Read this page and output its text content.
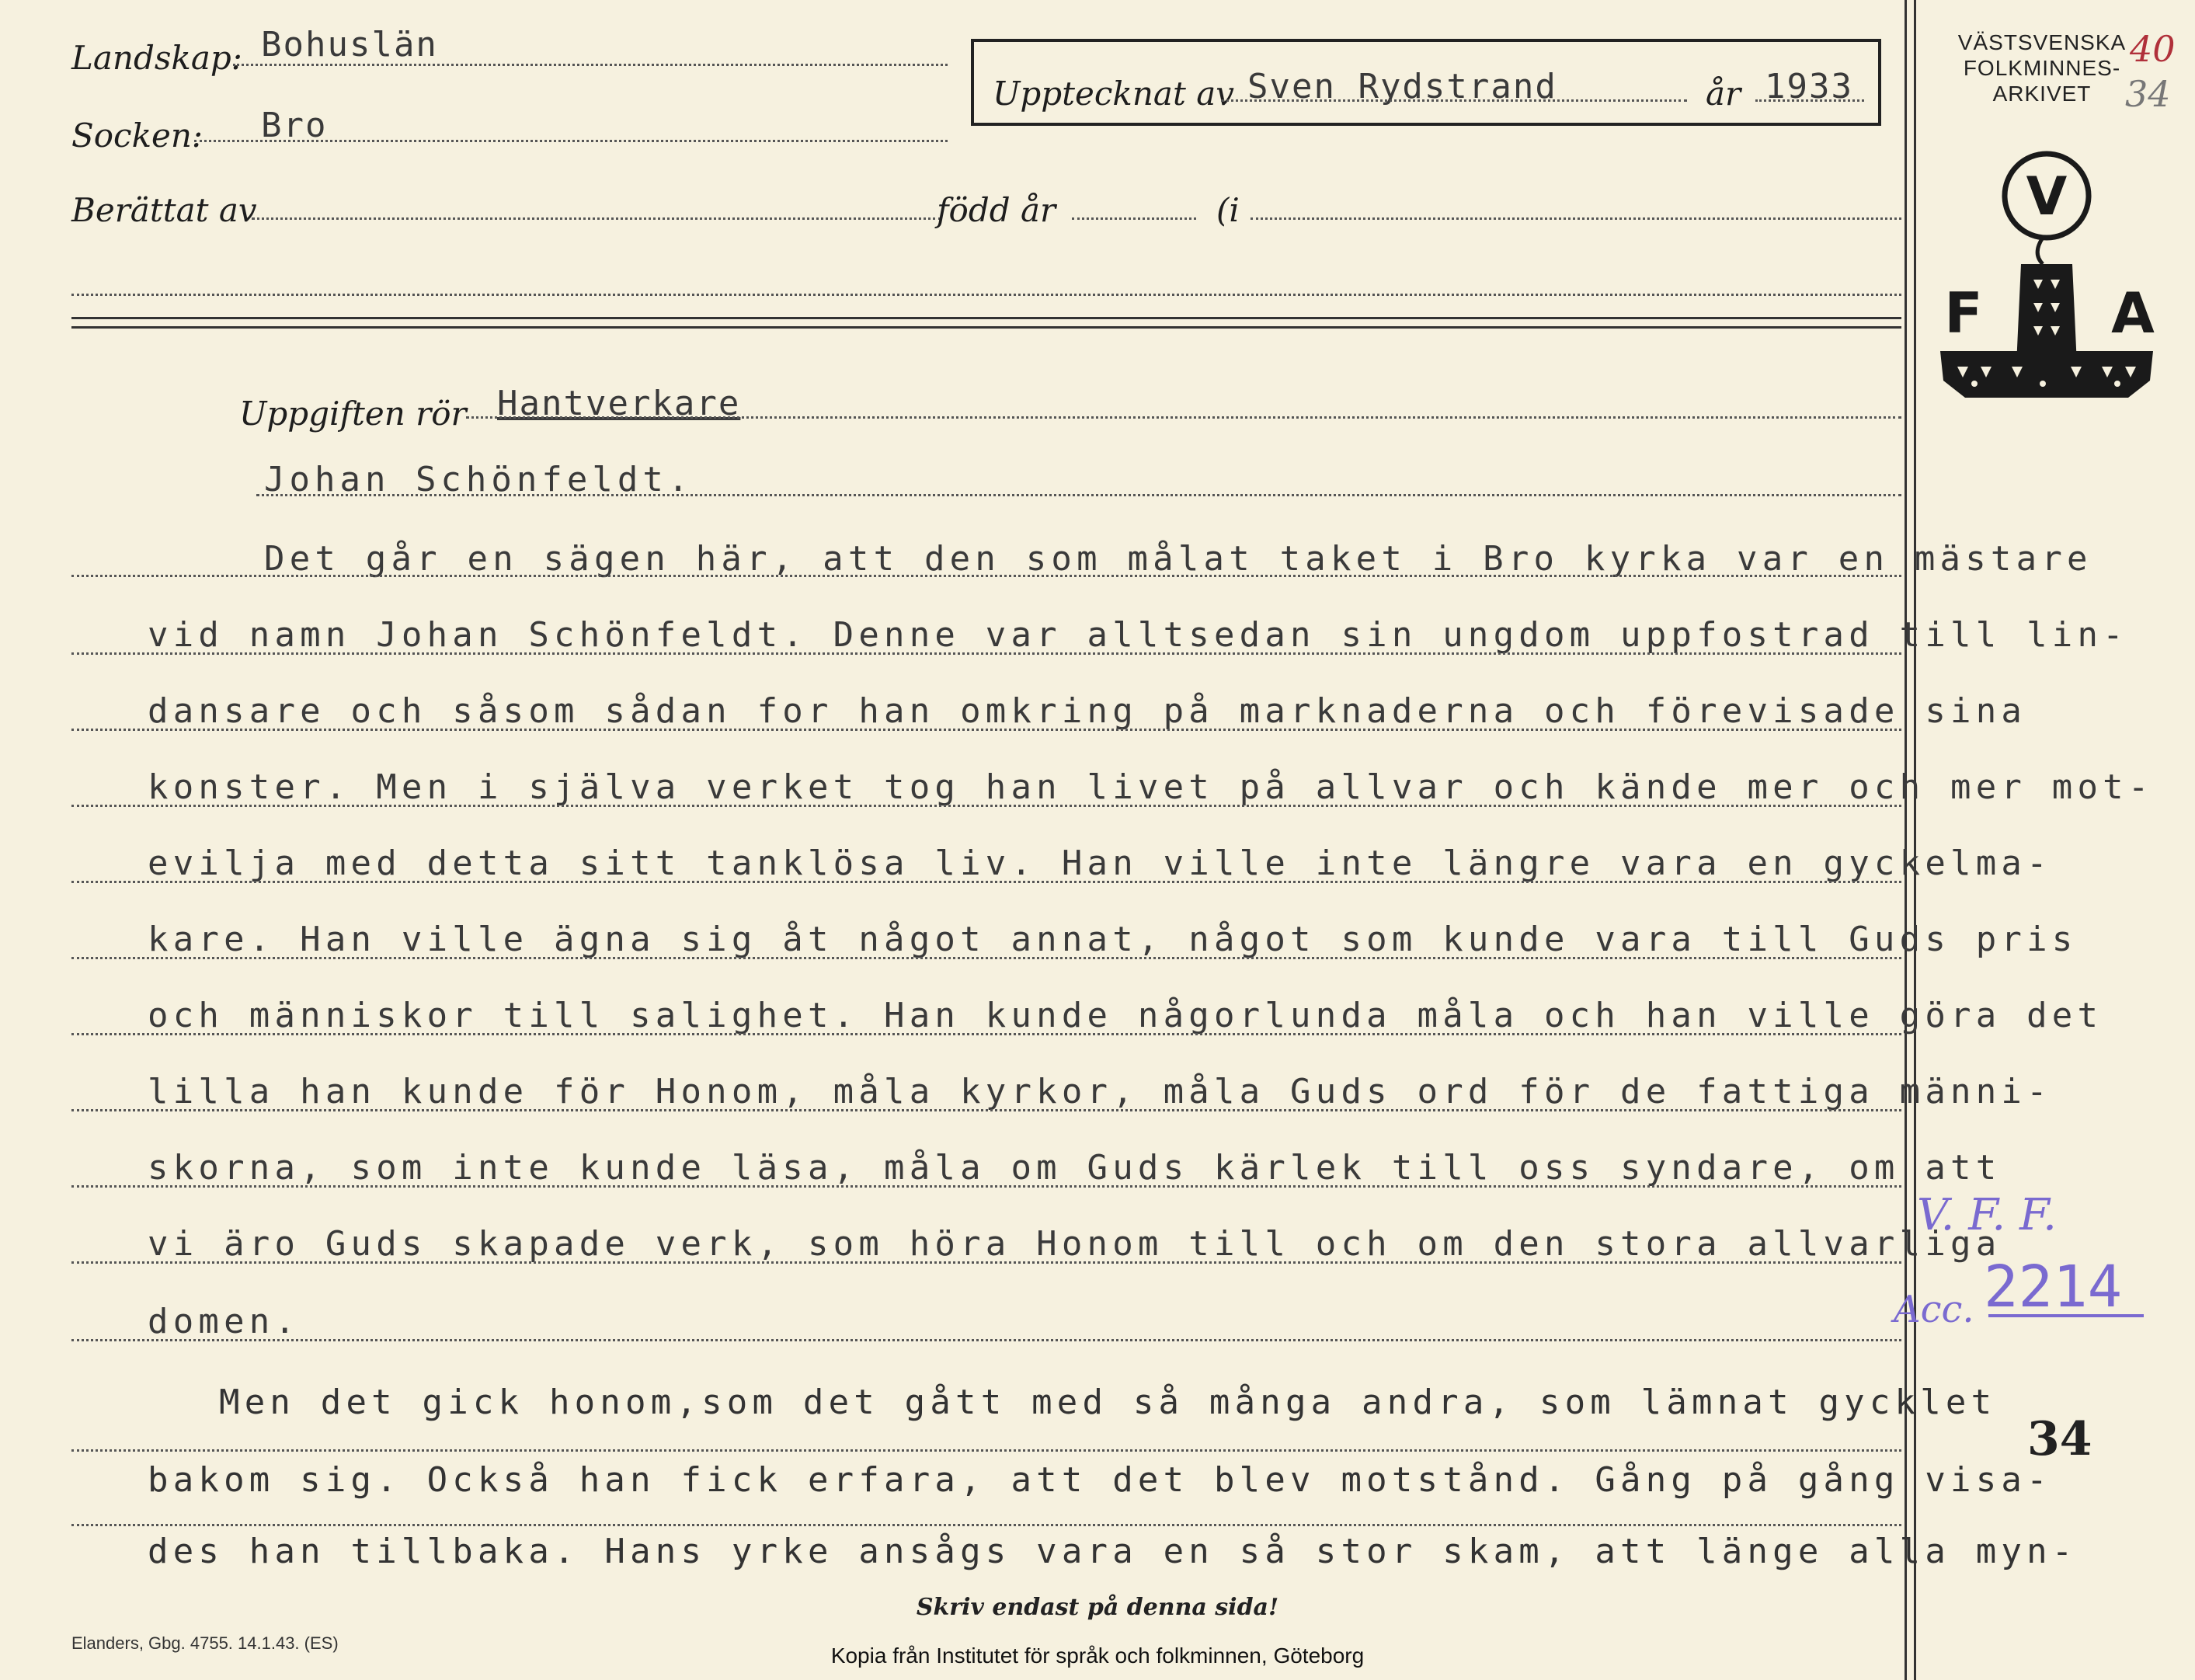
Landskap: Bohuslän
Socken: Bro
Upptecknat av Sven Rydstrand	år 1933
Berättat av	född år	(i
Uppgiften rör Hantverkare
Johan Schönfeldt.
Det går en sägen här, att den som målat taket i Bro kyrka var en mästare
vid namn Johan Schönfeldt. Denne var alltsedan sin ungdom uppfostrad till lin-
dansare och såsom sådan for han omkring på marknaderna och förevisade sina
konster. Men i själva verket tog han livet på allvar och kände mer och mer mot-
evilja med detta sitt tanklösa liv. Han ville inte längre vara en gyckelma-
kare. Han ville ägna sig åt något annat, något som kunde vara till Guds pris
och människor till salighet. Han kunde någorlunda måla och han ville göra det
lilla han kunde för Honom, måla kyrkor, måla Guds ord för de fattiga männi-
skorna, som inte kunde läsa, måla om Guds kärlek till oss syndare, om att
vi äro Guds skapade verk, som höra Honom till och om den stora allvarliga
domen.
Men det gick honom,som det gått med så många andra, som lämnat gycklet
bakom sig. Också han fick erfara, att det blev motstånd. Gång på gång visa-
des han tillbaka. Hans yrke ansågs vara en så stor skam, att länge alla myn-
VÄSTSVENSKA
FOLKMINNES-
ARKIVET
40
34
V
F A
V. F. F.
Acc. 2214
34
Skriv endast på denna sida!
Elanders, Gbg. 4755. 14.1.43. (ES)
Kopia från Institutet för språk och folkminnen, Göteborg
